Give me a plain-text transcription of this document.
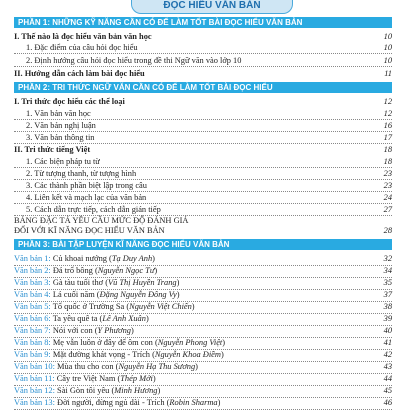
ĐỌC HIỂU VĂN BẢN
PHẦN 1: NHỮNG KỸ NĂNG CẦN CÓ ĐỂ LÀM TỐT BÀI ĐỌC HIỂU VĂN BẢN
I. Thế nào là đọc hiểu văn bản văn học	10
1. Đặc điểm của câu hỏi đọc hiểu	10
2. Định hướng câu hỏi đọc hiểu trong đề thi Ngữ văn vào lớp 10	10
II. Hướng dẫn cách làm bài đọc hiểu	11
PHẦN 2: TRI THỨC NGỮ VĂN CẦN CÓ ĐỂ LÀM TỐT BÀI ĐỌC HIỂU
I. Tri thức đọc hiểu các thể loại	12
1. Văn bản văn học	12
2. Văn bản nghị luận	16
3. Văn bản thông tin	17
II. Tri thức tiếng Việt	18
1. Các biện pháp tu từ	18
2. Từ tượng thanh, từ tượng hình	23
3. Các thành phần biệt lập trong câu	23
4. Liên kết và mạch lạc của văn bản	24
5. Cách dẫn trực tiếp, cách dẫn gián tiếp	27
BẢNG ĐẶC TẢ YÊU CẦU MỨC ĐỘ ĐÁNH GIÁ
ĐỐI VỚI KĨ NĂNG ĐỌC HIỂU VĂN BẢN	28
PHẦN 3: BÀI TẬP LUYỆN KĨ NĂNG ĐỌC HIỂU VĂN BẢN
Văn bản 1: Củ khoai nướng (Tạ Duy Anh)	32
Văn bản 2: Đá trổ bông (Nguyễn Ngọc Tư)	34
Văn bản 3: Gà tàu tuổi thơ (Vũ Thị Huyền Trang)	35
Văn bản 4: Lá cuối năm (Đặng Nguyễn Đông Vy)	37
Văn bản 5: Tổ quốc ở Trường Sa (Nguyễn Việt Chiến)	38
Văn bản 6: Ta yêu quê ta (Lê Anh Xuân)	39
Văn bản 7: Nói với con (Y Phương)	40
Văn bản 8: Mẹ vẫn luôn ở đây để ôm con (Nguyễn Phong Việt)	41
Văn bản 9: Mặt đường khát vọng - Trích (Nguyễn Khoa Điềm)	42
Văn bản 10: Mùa thu cho con (Nguyễn Hạ Thu Sương)	43
Văn bản 11: Cây tre Việt Nam (Thép Mới)	44
Văn bản 12: Sài Gòn tôi yêu (Minh Hương)	45
Văn bản 13: Đời người, đừng ngủ dài - Trích (Robin Sharma)	46
